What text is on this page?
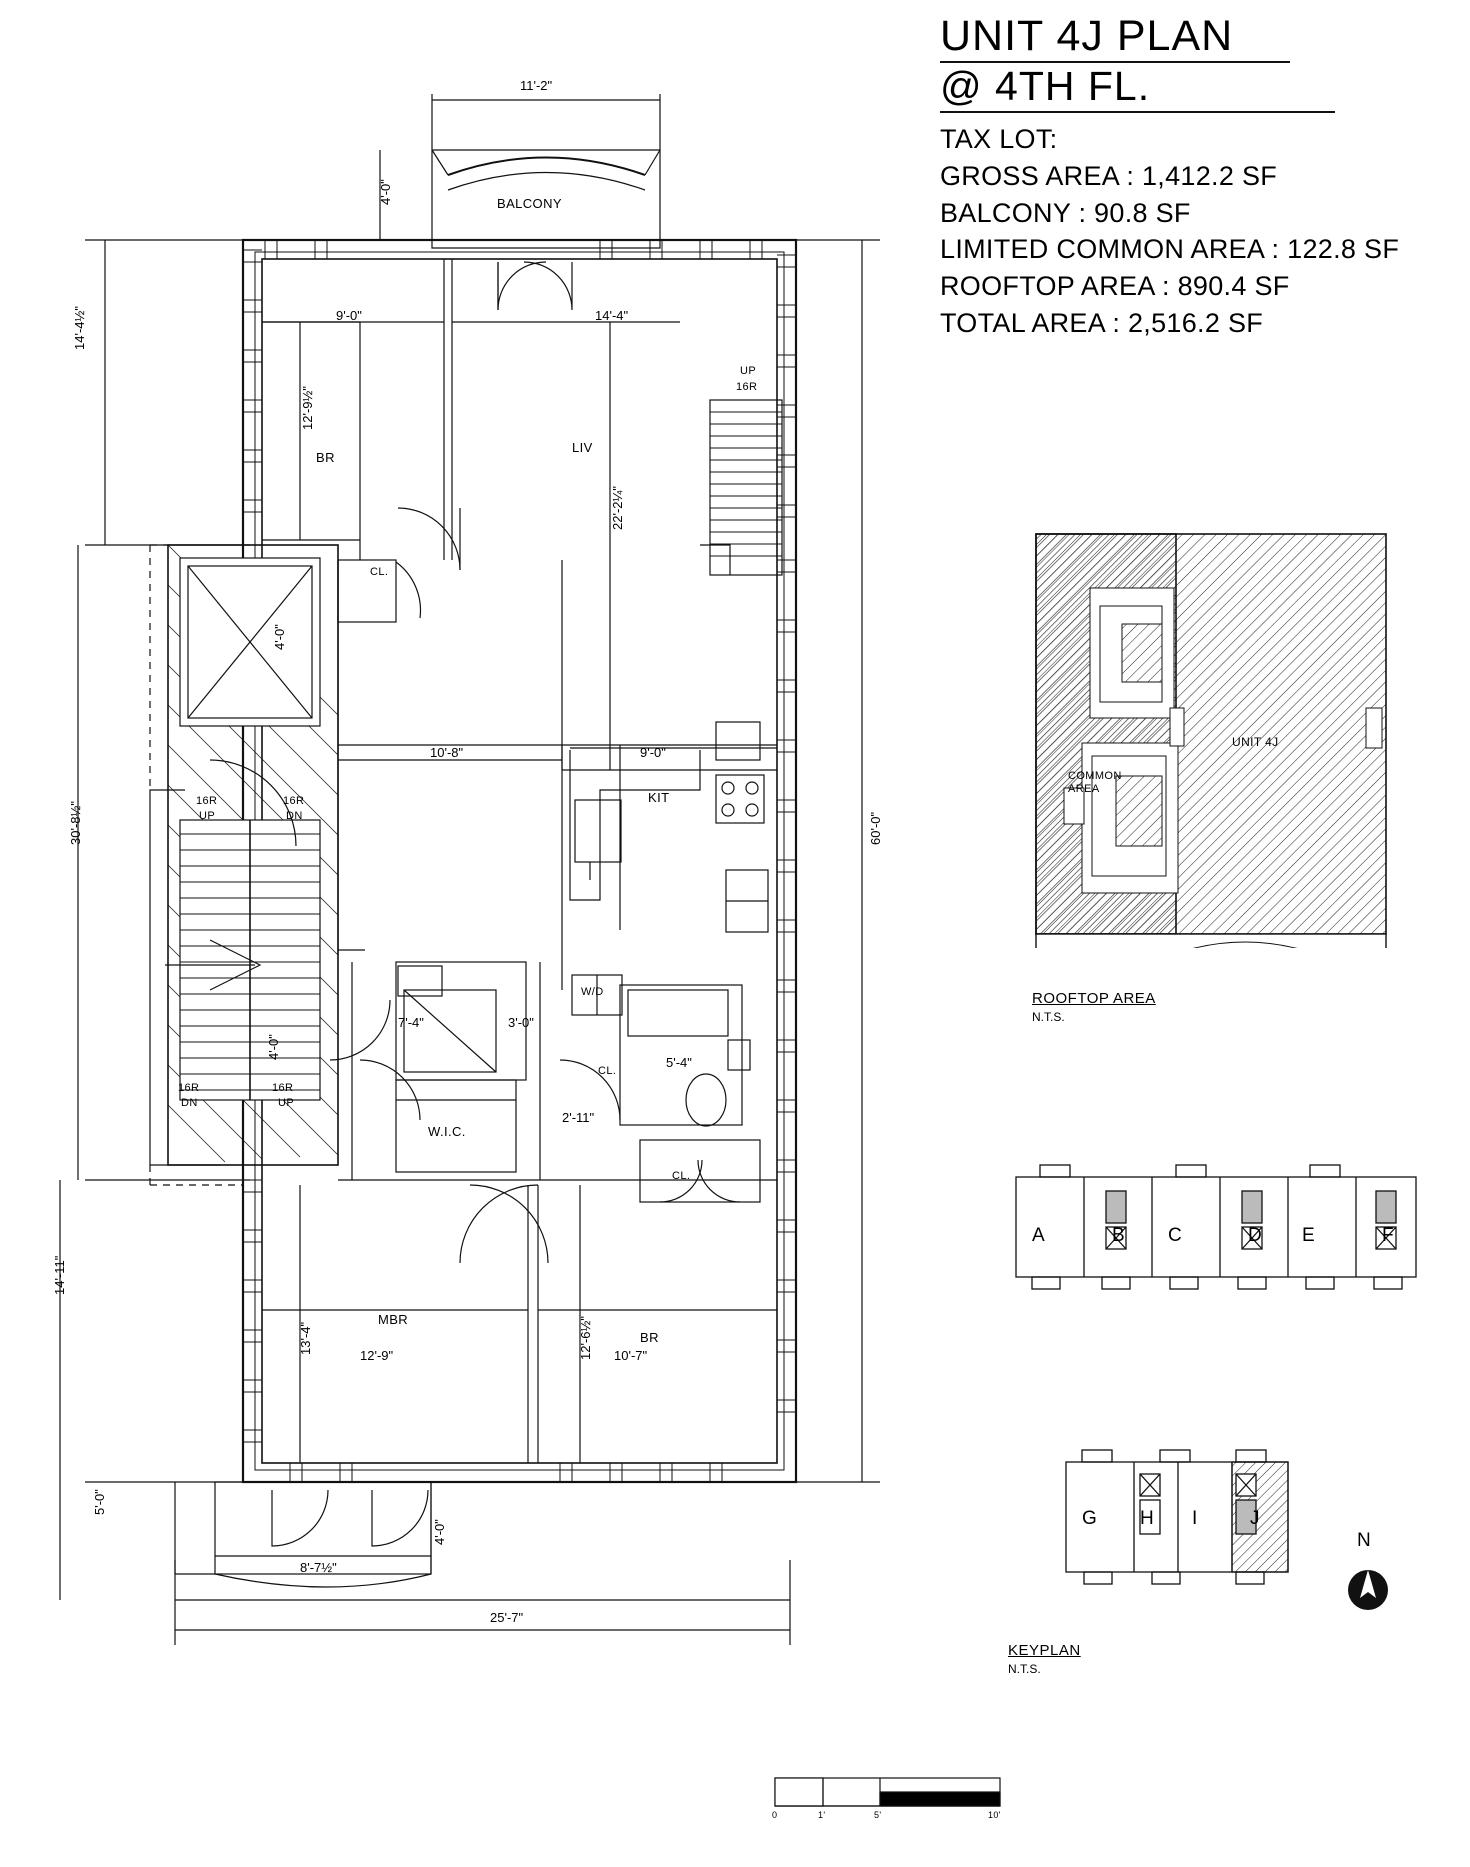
UNIT 4J PLAN
@ 4TH FL.
TAX LOT:
GROSS AREA : 1,412.2 SF
BALCONY : 90.8 SF
LIMITED COMMON AREA : 122.8 SF
ROOFTOP AREA : 890.4 SF
TOTAL AREA : 2,516.2 SF
11'-2"
4'-0"	BALCONY
9'-0"	14'-4"
12'-9½"
22'-2¼"
BR
LIV
UP
16R
14'-4½"
30'-8½"
14'-11"
5'-0"
60'-0"
CL.
4'-0"
16R
UP
16R
DN
16R
DN
16R
UP
4'-0"
10'-8"	9'-0"
KIT
7'-4"	3'-0"
5'-4"
W/D
CL.
W.I.C.
2'-11"
CL.
13'-4"
MBR
12'-9"	12'-6½"	BR
10'-7"
8'-7½"
4'-0"
25'-7"
UNIT 4J
COMMON AREA
ROOFTOP AREA
N.T.S.
A	B C	D E	F
G H I	J
KEYPLAN
N.T.S.
N
0	1'	5'	10'
